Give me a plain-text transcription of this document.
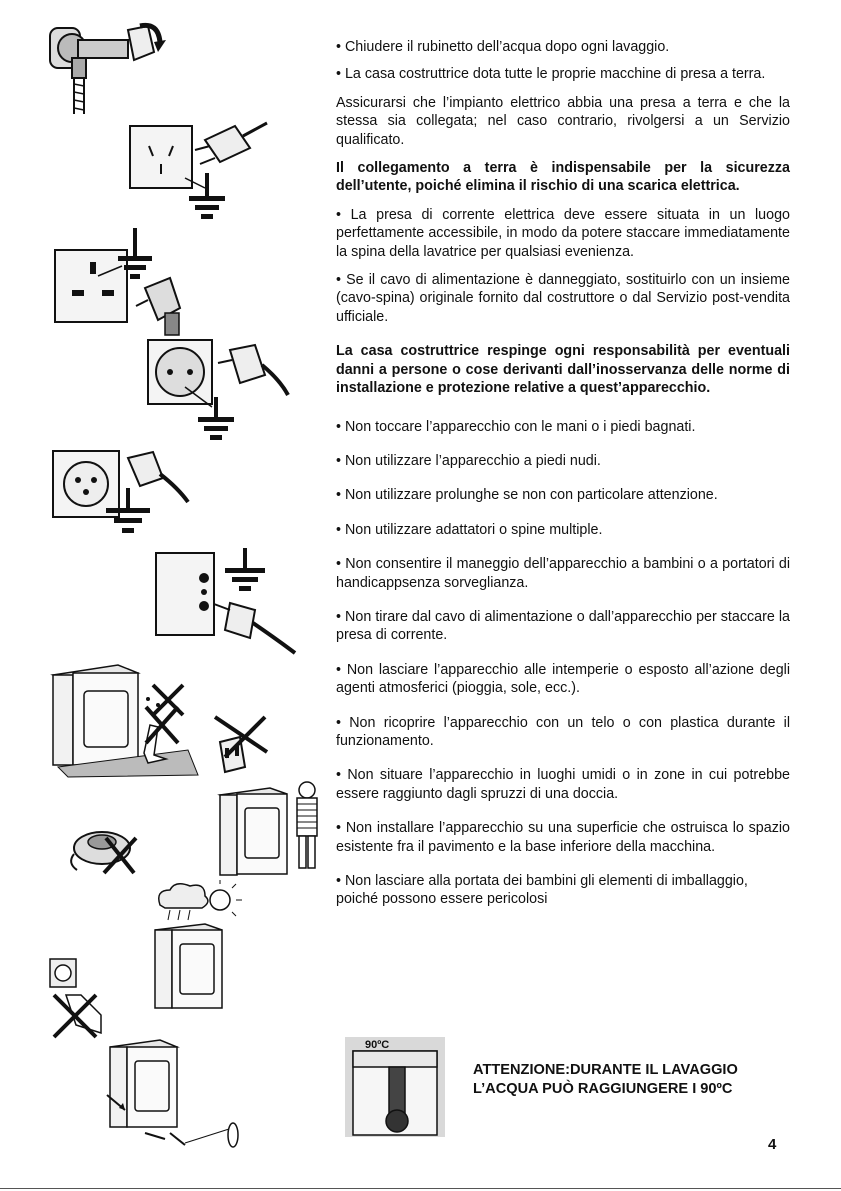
• Chiudere il rubinetto dell’acqua dopo ogni lavaggio.

• La casa costruttrice dota tutte le proprie macchine di presa a terra.

Assicurarsi che l’impianto elettrico abbia una presa a terra e che la stessa sia collegata; nel caso contrario, rivolgersi a un Servizio qualificato.

Il collegamento a terra è indispensabile per la sicurezza dell’utente, poiché elimina il rischio di una scarica elettrica.

• La presa di corrente elettrica deve essere situata in un luogo perfettamente accessibile, in modo da potere staccare immediatamente la spina della lavatrice per qualsiasi evenienza.

• Se il cavo di alimentazione è danneggiato, sostituirlo con un insieme (cavo-spina) originale fornito dal costruttore o dal Servizio post-vendita ufficiale.

La casa costruttrice respinge ogni responsabilità per eventuali danni a persone o cose derivanti dall’inosservanza delle norme di installazione e protezione relative a quest’apparecchio.

• Non toccare l’apparecchio con le mani o i piedi bagnati.

• Non utilizzare l’apparecchio a piedi nudi.

• Non utilizzare prolunghe se non con particolare attenzione.

• Non utilizzare adattatori o spine multiple.

• Non consentire il maneggio dell’apparecchio a bambini o a portatori di handicappsenza sorveglianza.

• Non tirare dal cavo di alimentazione o dall’apparecchio per staccare la presa di corrente.

• Non lasciare l’apparecchio alle intemperie o esposto all’azione degli agenti atmosferici (pioggia, sole, ecc.).

• Non ricoprire l’apparecchio con un telo o con plastica durante il funzionamento.

• Non situare l’apparecchio in luoghi umidi o in zone in cui potrebbe essere raggiunto dagli spruzzi di una doccia.

• Non installare l’apparecchio su una superficie che ostruisca lo spazio esistente fra il pavimento e la base inferiore della macchina.

• Non lasciare alla portata dei bambini gli elementi di imballaggio, poiché possono essere pericolosi

90ºC
ATTENZIONE:DURANTE IL LAVAGGIO
L’ACQUA PUÒ RAGGIUNGERE I 90ºC
4
